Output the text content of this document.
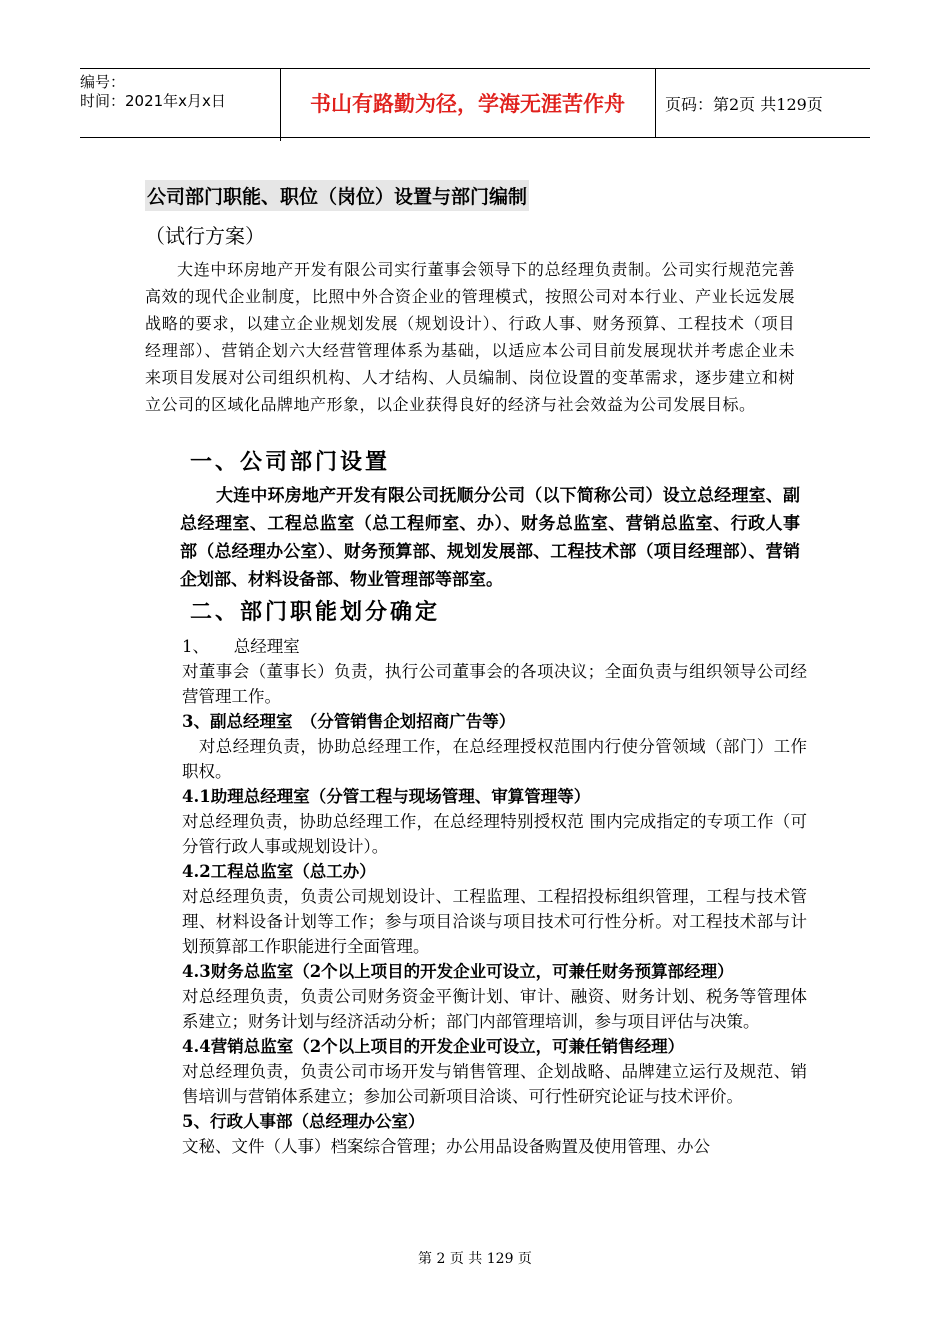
编号：
时间：2021年x月x日	书山有路勤为径，学海无涯苦作舟	页码：第2页 共129页
公司部门职能、职位（岗位）设置与部门编制
（试行方案）
大连中环房地产开发有限公司实行董事会领导下的总经理负责制。公司实行规范完善高效的现代企业制度，比照中外合资企业的管理模式，按照公司对本行业、产业长远发展战略的要求，以建立企业规划发展（规划设计）、行政人事、财务预算、工程技术（项目经理部）、营销企划六大经营管理体系为基础，以适应本公司目前发展现状并考虑企业未来项目发展对公司组织机构、人才结构、人员编制、岗位设置的变革需求，逐步建立和树立公司的区域化品牌地产形象，以企业获得良好的经济与社会效益为公司发展目标。
一、公司部门设置
大连中环房地产开发有限公司抚顺分公司（以下简称公司）设立总经理室、副总经理室、工程总监室（总工程师室、办）、财务总监室、营销总监室、行政人事部（总经理办公室）、财务预算部、规划发展部、工程技术部（项目经理部）、营销企划部、材料设备部、物业管理部等部室。
二、部门职能划分确定

1、　　总经理室

对董事会（董事长）负责，执行公司董事会的各项决议；全面负责与组织领导公司经营管理工作。

3、副总经理室　（分管销售企划招商广告等）

　对总经理负责，协助总经理工作，在总经理授权范围内行使分管领域（部门）工作职权。

4.1助理总经理室（分管工程与现场管理、审算管理等）

对总经理负责，协助总经理工作，在总经理特别授权范 围内完成指定的专项工作（可分管行政人事或规划设计）。

4.2工程总监室（总工办）

对总经理负责，负责公司规划设计、工程监理、工程招投标组织管理，工程与技术管理、材料设备计划等工作；参与项目洽谈与项目技术可行性分析。对工程技术部与计划预算部工作职能进行全面管理。

4.3财务总监室（2个以上项目的开发企业可设立，可兼任财务预算部经理）

对总经理负责，负责公司财务资金平衡计划、审计、融资、财务计划、税务等管理体系建立；财务计划与经济活动分析；部门内部管理培训，参与项目评估与决策。

4.4营销总监室（2个以上项目的开发企业可设立，可兼任销售经理）

对总经理负责，负责公司市场开发与销售管理、企划战略、品牌建立运行及规范、销售培训与营销体系建立；参加公司新项目洽谈、可行性研究论证与技术评价。

5、行政人事部（总经理办公室）

文秘、文件（人事）档案综合管理；办公用品设备购置及使用管理、办公

第 2 页 共 129 页
